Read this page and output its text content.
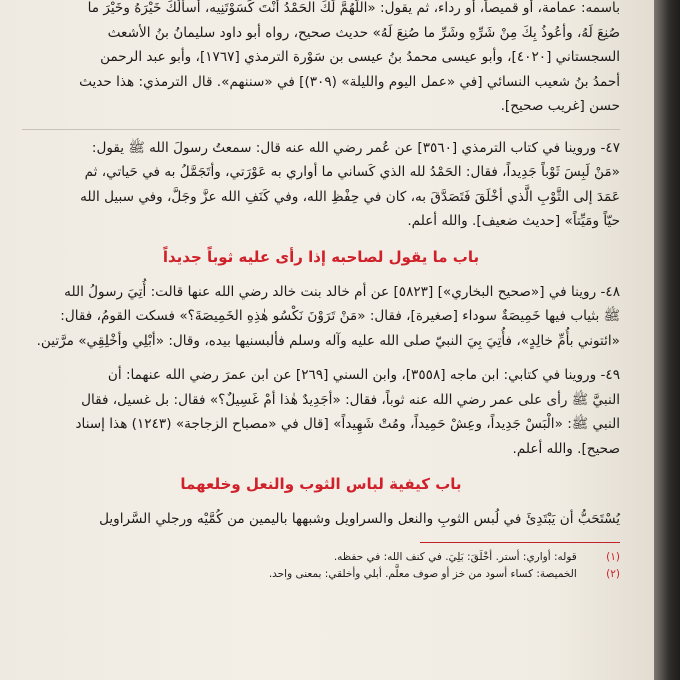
باسمه: عمامة، أو قميصاً، أو رداء، ثم يقول: «اللَّهُمَّ لَكَ الحَمْدُ أنْتَ كَسَوْتَنِيه، أسألُكَ خَيْرَهُ وخَيْرَ ما

صُنِعَ لَهُ، وأعُوذُ بِكَ مِنْ شَرِّهِ وشَرِّ ما صُنِعَ لَهُ» حديث صحيح، رواه أبو داود سليمانُ بنُ الأشعث

السجستاني [٤٠٢٠]، وأبو عيسى محمدُ بنُ عيسى بن سَوْرة الترمذي [١٧٦٧]، وأبو عبد الرحمن

أحمدُ بنُ شعيب النسائي [في «عمل اليوم والليلة» (٣٠٩)] في «سننهم». قال الترمذي: هذا حديث

حسن [غريب صحيح].

٤٧- وروينا في كتاب الترمذي [٣٥٦٠] عن عُمر رضي الله عنه قال: سمعتُ رسولَ الله ﷺ يقول:

«مَنْ لَبِسَ ثَوْباً جَدِيداً، فقال: الحَمْدُ لله الذي كَساني ما أواري به عَوْرَتي، وأتَجَمَّلُ به في حَياتي، ثم

عَمَدَ إلى الثَّوْبِ الَّذي أخْلَقَ فَتَصَدَّقَ به، كان في حِفْظِ الله، وفي كَنَفِ الله عزَّ وجَلَّ، وفي سبيل الله

حيّاً ومَيِّتاً» [حديث ضعيف]. والله أعلم.

باب ما يقول لصاحبه إذا رأى عليه ثوباً جديداً

٤٨- روينا في [«صحيح البخاري»] [٥٨٢٣] عن أم خالد بنت خالد رضي الله عنها قالت: أُتِيَ رسولُ الله

ﷺ بثياب فيها خَمِيصَةٌ سوداء [صغيرة]، فقال: «مَنْ تَرَوْنَ نَكْسُو هٰذِهِ الخَمِيصَةَ؟» فسكت القومُ، فقال:

«ائتوني بأُمِّ خالِدٍ»، فأُتِيَ بِيَ النبيّ صلى الله عليه وآله وسلم فألبسنيها بيده، وقال: «أبْلِي وأخْلِقِي» مرَّتين.

٤٩- وروينا في كتابي: ابن ماجه [٣٥٥٨]، وابن السني [٢٦٩] عن ابن عمرَ رضي الله عنهما: أن

النبيَّ ﷺ رأى على عمر رضي الله عنه ثوباً، فقال: «أجَدِيدٌ هٰذا أمْ غَسِيلٌ؟» فقال: بل غسيل، فقال

النبي ﷺ: «الْبَسْ جَدِيداً، وعِشْ حَمِيداً، ومُتْ شَهِيداً» [قال في «مصباح الزجاجة» (١٢٤٣) هذا إسناد

صحيح]. والله أعلم.

باب كيفية لباس الثوب والنعل وخلعهما

يُسْتَحَبُّ أن يَبْتَدِئَ في لُبس الثوبِ والنعل والسراويل وشبهها باليمين من كُمَّيْه ورجلي السَّراويل

(١) قوله: أواري: أستر. أخْلَقَ: بَلِيَ. في كنف الله: في حفظه.

(٢) الخميصة: كساء أسود من خز أو صوف معلَّم. أبلي وأخلقي: بمعنى واحد.
